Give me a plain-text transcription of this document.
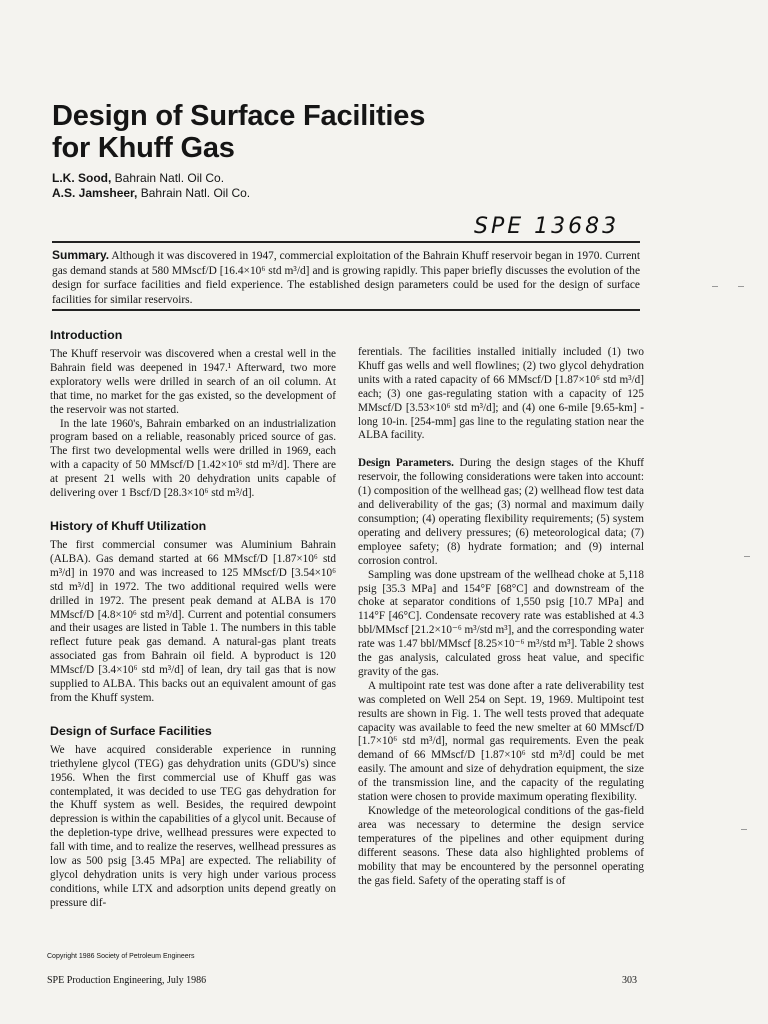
Design of Surface Facilities
for Khuff Gas
L.K. Sood, Bahrain Natl. Oil Co.
A.S. Jamsheer, Bahrain Natl. Oil Co.
SPE 13683

Summary. Although it was discovered in 1947, commercial exploitation of the Bahrain Khuff reservoir began in 1970. Current gas demand stands at 580 MMscf/D [16.4×10⁶ std m³/d] and is growing rapidly. This paper briefly discusses the evolution of the design for surface facilities and field experience. The established design parameters could be used for the design of surface facilities for similar reservoirs.

Introduction

The Khuff reservoir was discovered when a crestal well in the Bahrain field was deepened in 1947.¹ Afterward, two more exploratory wells were drilled in search of an oil column. At that time, no market for the gas existed, so the development of the reservoir was not started.

In the late 1960's, Bahrain embarked on an industrialization program based on a reliable, reasonably priced source of gas. The first two developmental wells were drilled in 1969, each with a capacity of 50 MMscf/D [1.42×10⁶ std m³/d]. There are at present 21 wells with 20 dehydration units capable of delivering over 1 Bscf/D [28.3×10⁶ std m³/d].

History of Khuff Utilization

The first commercial consumer was Aluminium Bahrain (ALBA). Gas demand started at 66 MMscf/D [1.87×10⁶ std m³/d] in 1970 and was increased to 125 MMscf/D [3.54×10⁶ std m³/d] in 1972. The two additional required wells were drilled in 1972. The present peak demand at ALBA is 170 MMscf/D [4.8×10⁶ std m³/d]. Current and potential consumers and their usages are listed in Table 1. The numbers in this table reflect future peak gas demand. A natural-gas plant treats associated gas from Bahrain oil field. A byproduct is 120 MMscf/D [3.4×10⁶ std m³/d] of lean, dry tail gas that is now supplied to ALBA. This backs out an equivalent amount of gas from the Khuff system.

Design of Surface Facilities

We have acquired considerable experience in running triethylene glycol (TEG) gas dehydration units (GDU's) since 1956. When the first commercial use of Khuff gas was contemplated, it was decided to use TEG gas dehydration for the Khuff system as well. Besides, the required dewpoint depression is within the capabilities of a glycol unit. Because of the depletion-type drive, wellhead pressures were expected to fall with time, and to realize the reserves, wellhead pressures as low as 500 psig [3.45 MPa] are expected. The reliability of glycol dehydration units is very high under various process conditions, while LTX and adsorption units depend greatly on pressure dif-

ferentials. The facilities installed initially included (1) two Khuff gas wells and well flowlines; (2) two glycol dehydration units with a rated capacity of 66 MMscf/D [1.87×10⁶ std m³/d] each; (3) one gas-regulating station with a capacity of 125 MMscf/D [3.53×10⁶ std m³/d]; and (4) one 6-mile [9.65-km] -long 10-in. [254-mm] gas line to the regulating station near the ALBA facility.

Design Parameters. During the design stages of the Khuff reservoir, the following considerations were taken into account: (1) composition of the wellhead gas; (2) wellhead flow test data and deliverability of the gas; (3) normal and maximum daily consumption; (4) operating flexibility requirements; (5) system operating and delivery pressures; (6) meteorological data; (7) employee safety; (8) hydrate formation; and (9) internal corrosion control.

Sampling was done upstream of the wellhead choke at 5,118 psig [35.3 MPa] and 154°F [68°C] and downstream of the choke at separator conditions of 1,550 psig [10.7 MPa] and 114°F [46°C]. Condensate recovery rate was established at 4.3 bbl/MMscf [21.2×10⁻⁶ m³/std m³], and the corresponding water rate was 1.47 bbl/MMscf [8.25×10⁻⁶ m³/std m³]. Table 2 shows the gas analysis, calculated gross heat value, and specific gravity of the gas.

A multipoint rate test was done after a rate deliverability test was completed on Well 254 on Sept. 19, 1969. Multipoint test results are shown in Fig. 1. The well tests proved that adequate capacity was available to feed the new smelter at 60 MMscf/D [1.7×10⁶ std m³/d], normal gas requirements. Even the peak demand of 66 MMscf/D [1.87×10⁶ std m³/d] could be met easily. The amount and size of dehydration equipment, the size of the transmission line, and the capacity of the regulating station were chosen to provide maximum operating flexibility.

Knowledge of the meteorological conditions of the gas-field area was necessary to determine the design service temperatures of the pipelines and other equipment during different seasons. These data also highlighted problems of mobility that may be encountered by the personnel operating the gas field. Safety of the operating staff is of

Copyright 1986 Society of Petroleum Engineers
SPE Production Engineering, July 1986	303
